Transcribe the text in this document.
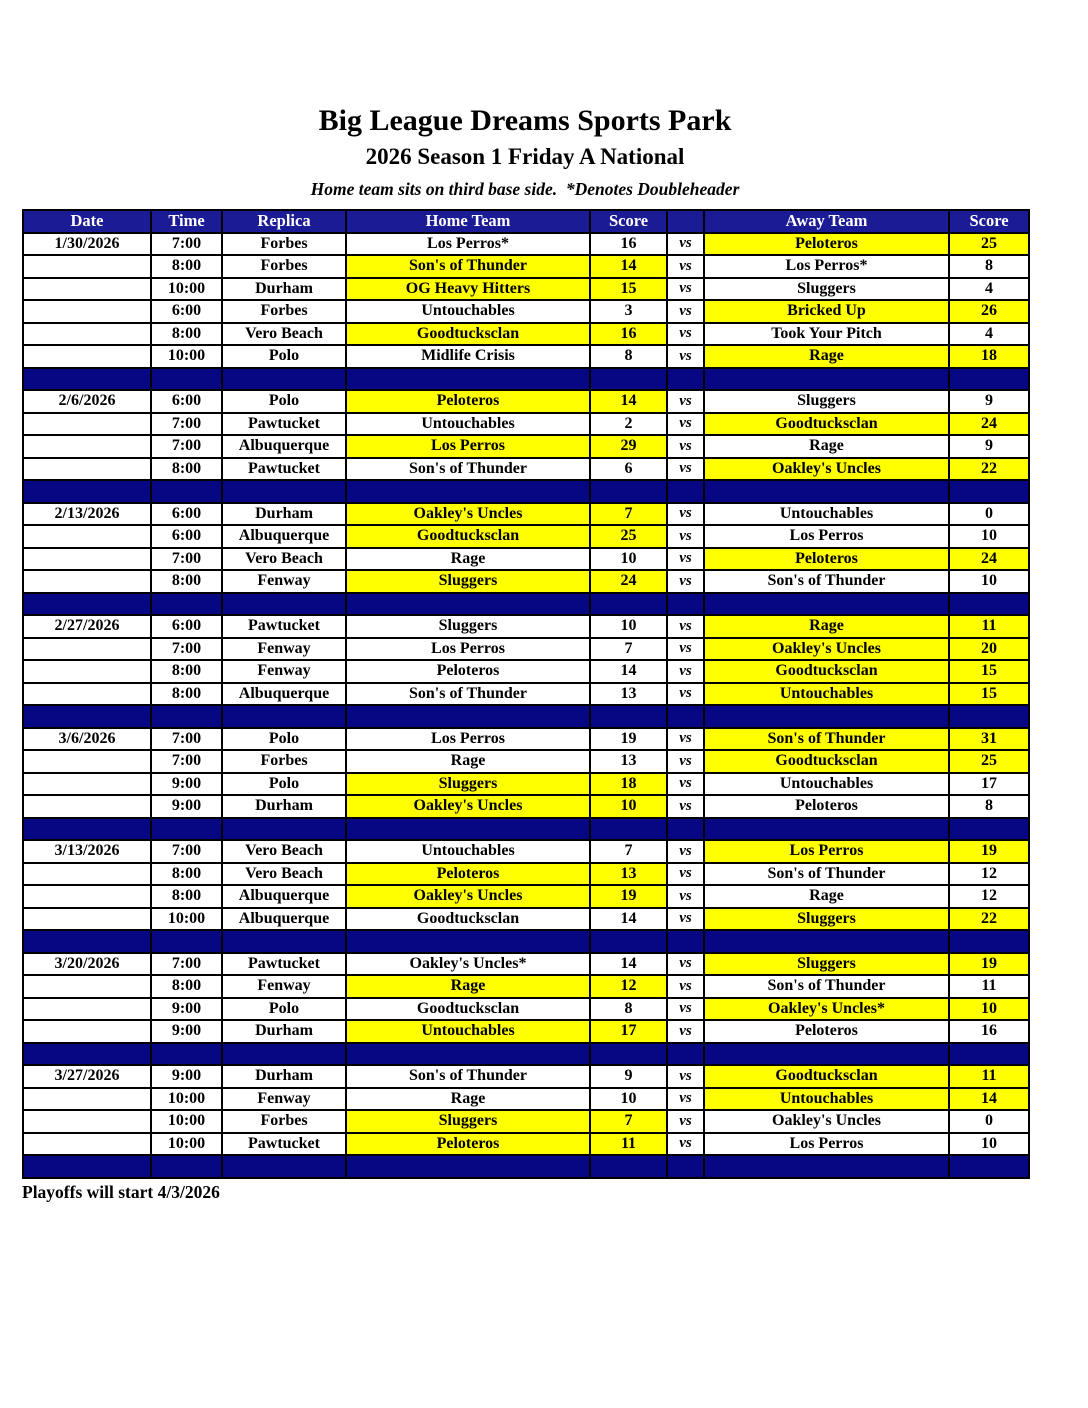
Big League Dreams Sports Park
2026 Season 1 Friday A National

Home team sits on third base side.  *Denotes Doubleheader

Date	Time	Replica	Home Team	Score		Away Team	Score
1/30/2026	7:00	Forbes	Los Perros*	16	vs	Peloteros	25
	8:00	Forbes	Son's of Thunder	14	vs	Los Perros*	8
	10:00	Durham	OG Heavy Hitters	15	vs	Sluggers	4
	6:00	Forbes	Untouchables	3	vs	Bricked Up	26
	8:00	Vero Beach	Goodtucksclan	16	vs	Took Your Pitch	4
	10:00	Polo	Midlife Crisis	8	vs	Rage	18

2/6/2026	6:00	Polo	Peloteros	14	vs	Sluggers	9
	7:00	Pawtucket	Untouchables	2	vs	Goodtucksclan	24
	7:00	Albuquerque	Los Perros	29	vs	Rage	9
	8:00	Pawtucket	Son's of Thunder	6	vs	Oakley's Uncles	22

2/13/2026	6:00	Durham	Oakley's Uncles	7	vs	Untouchables	0
	6:00	Albuquerque	Goodtucksclan	25	vs	Los Perros	10
	7:00	Vero Beach	Rage	10	vs	Peloteros	24
	8:00	Fenway	Sluggers	24	vs	Son's of Thunder	10

2/27/2026	6:00	Pawtucket	Sluggers	10	vs	Rage	11
	7:00	Fenway	Los Perros	7	vs	Oakley's Uncles	20
	8:00	Fenway	Peloteros	14	vs	Goodtucksclan	15
	8:00	Albuquerque	Son's of Thunder	13	vs	Untouchables	15

3/6/2026	7:00	Polo	Los Perros	19	vs	Son's of Thunder	31
	7:00	Forbes	Rage	13	vs	Goodtucksclan	25
	9:00	Polo	Sluggers	18	vs	Untouchables	17
	9:00	Durham	Oakley's Uncles	10	vs	Peloteros	8

3/13/2026	7:00	Vero Beach	Untouchables	7	vs	Los Perros	19
	8:00	Vero Beach	Peloteros	13	vs	Son's of Thunder	12
	8:00	Albuquerque	Oakley's Uncles	19	vs	Rage	12
	10:00	Albuquerque	Goodtucksclan	14	vs	Sluggers	22

3/20/2026	7:00	Pawtucket	Oakley's Uncles*	14	vs	Sluggers	19
	8:00	Fenway	Rage	12	vs	Son's of Thunder	11
	9:00	Polo	Goodtucksclan	8	vs	Oakley's Uncles*	10
	9:00	Durham	Untouchables	17	vs	Peloteros	16

3/27/2026	9:00	Durham	Son's of Thunder	9	vs	Goodtucksclan	11
	10:00	Fenway	Rage	10	vs	Untouchables	14
	10:00	Forbes	Sluggers	7	vs	Oakley's Uncles	0
	10:00	Pawtucket	Peloteros	11	vs	Los Perros	10

Playoffs will start 4/3/2026
